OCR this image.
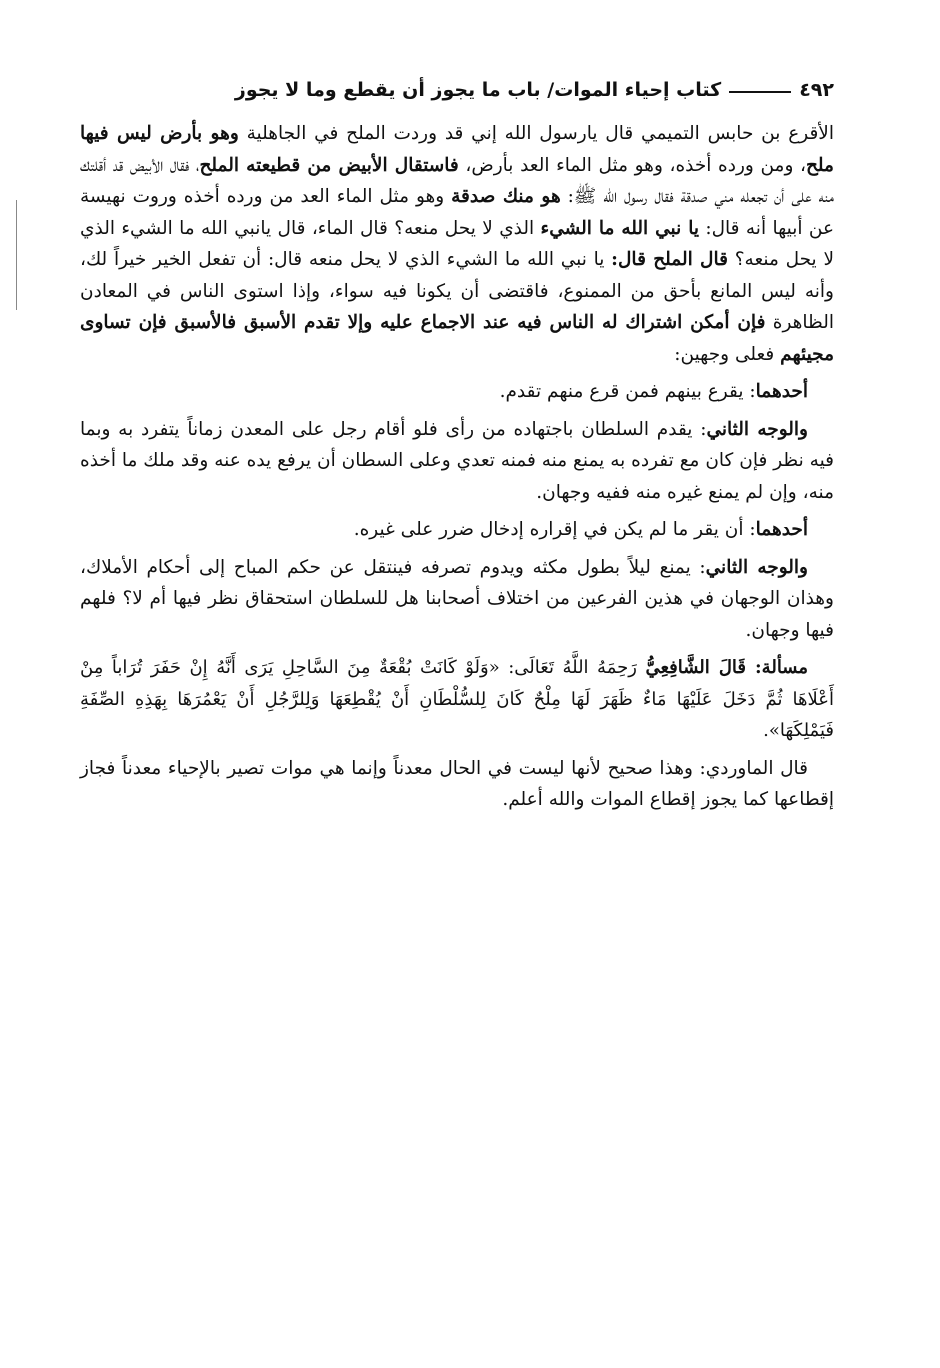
٤٩٢
كتاب إحياء الموات/ باب ما يجوز أن يقطع وما لا يجوز

الأقرع بن حابس التميمي قال يارسول الله إني قد وردت الملح في الجاهلية وهو بأرض ليس فيها ملح، ومن ورده أخذه، وهو مثل الماء العد بأرض، فاستقال الأبيض من قطيعته الملح، فقال الأبيض قد أقلتك منه على أن تجعله مني صدقة فقال رسول الله ﷺ: هو منك صدقة وهو مثل الماء العد من ورده أخذه وروت نهيسة عن أبيها أنه قال: يا نبي الله ما الشيء الذي لا يحل منعه؟ قال الماء، قال يانبي الله ما الشيء الذي لا يحل منعه؟ قال الملح قال: يا نبي الله ما الشيء الذي لا يحل منعه قال: أن تفعل الخير خيراً لك، وأنه ليس المانع بأحق من الممنوع، فاقتضى أن يكونا فيه سواء، وإذا استوى الناس في المعادن الظاهرة فإن أمكن اشتراك له الناس فيه عند الاجماع عليه وإلا تقدم الأسبق فالأسبق فإن تساوى مجيئهم فعلى وجهين:

أحدهما: يقرع بينهم فمن قرع منهم تقدم.

والوجه الثاني: يقدم السلطان باجتهاده من رأى فلو أقام رجل على المعدن زماناً يتفرد به وبما فيه نظر فإن كان مع تفرده به يمنع منه فمنه تعدي وعلى السطان أن يرفع يده عنه وقد ملك ما أخذه منه، وإن لم يمنع غيره منه ففيه وجهان.

أحدهما: أن يقر ما لم يكن في إقراره إدخال ضرر على غيره.

والوجه الثاني: يمنع ليلاً بطول مكثه ويدوم تصرفه فينتقل عن حكم المباح إلى أحكام الأملاك، وهذان الوجهان في هذين الفرعين من اختلاف أصحابنا هل للسلطان استحقاق نظر فيها أم لا؟ فلهم فيها وجهان.

مسألة: قَالَ الشَّافِعِيُّ رَحِمَهُ اللَّهُ تَعَالَى: «وَلَوْ كَانَتْ بُقْعَةٌ مِنَ السَّاحِلِ يَرَى أَنَّهُ إِنْ حَفَرَ تُرَاباً مِنْ أَعْلَاهَا ثُمَّ دَخَلَ عَلَيْهَا مَاءٌ ظَهَرَ لَهَا مِلْحٌ كَانَ لِلسُّلْطَانِ أَنْ يُقْطِعَهَا وَلِلرَّجُلِ أَنْ يَعْمُرَهَا بِهَذِهِ الصِّفَةِ فَيَمْلِكَهَا».

قال الماوردي: وهذا صحيح لأنها ليست في الحال معدناً وإنما هي موات تصير بالإحياء معدناً فجاز إقطاعها كما يجوز إقطاع الموات والله أعلم.
